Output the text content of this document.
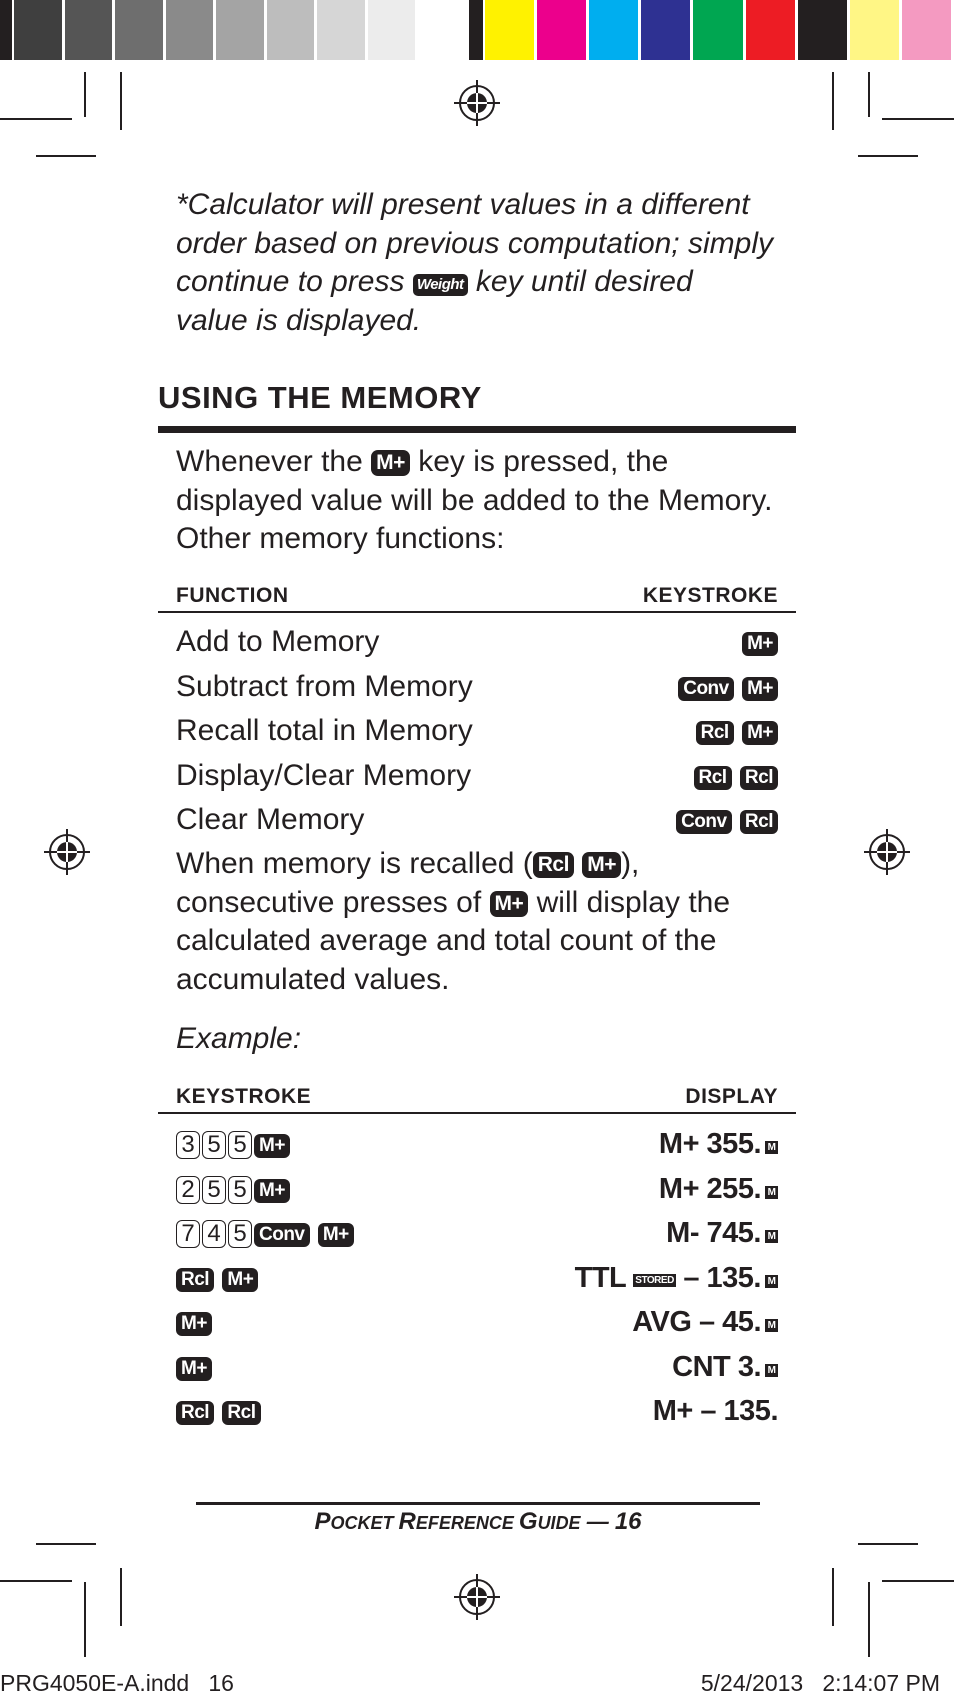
*Calculator will present values in a different
order based on previous computation; simply
continue to press Weight key until desired
value is displayed.
USING THE MEMORY
Whenever the M+ key is pressed, the
displayed value will be added to the Memory.
Other memory functions:
FUNCTION	KEYSTROKE
Add to Memory	M+
Subtract from Memory	Conv M+
Recall total in Memory	Rcl M+
Display/Clear Memory	Rcl Rcl
Clear Memory	Conv Rcl
When memory is recalled ( Rcl M+ ),
consecutive presses of M+ will display the
calculated average and total count of the
accumulated values.
Example:
KEYSTROKE	DISPLAY
3 5 5 M+	M+ 355. M
2 5 5 M+	M+ 255. M
7 4 5 Conv M+	M- 745. M
Rcl M+	TTL STORED – 135. M
M+	AVG – 45. M
M+	CNT 3. M
Rcl Rcl	M+ – 135.
POCKET REFERENCE GUIDE — 16
PRG4050E-A.indd   16	5/24/2013   2:14:07 PM
